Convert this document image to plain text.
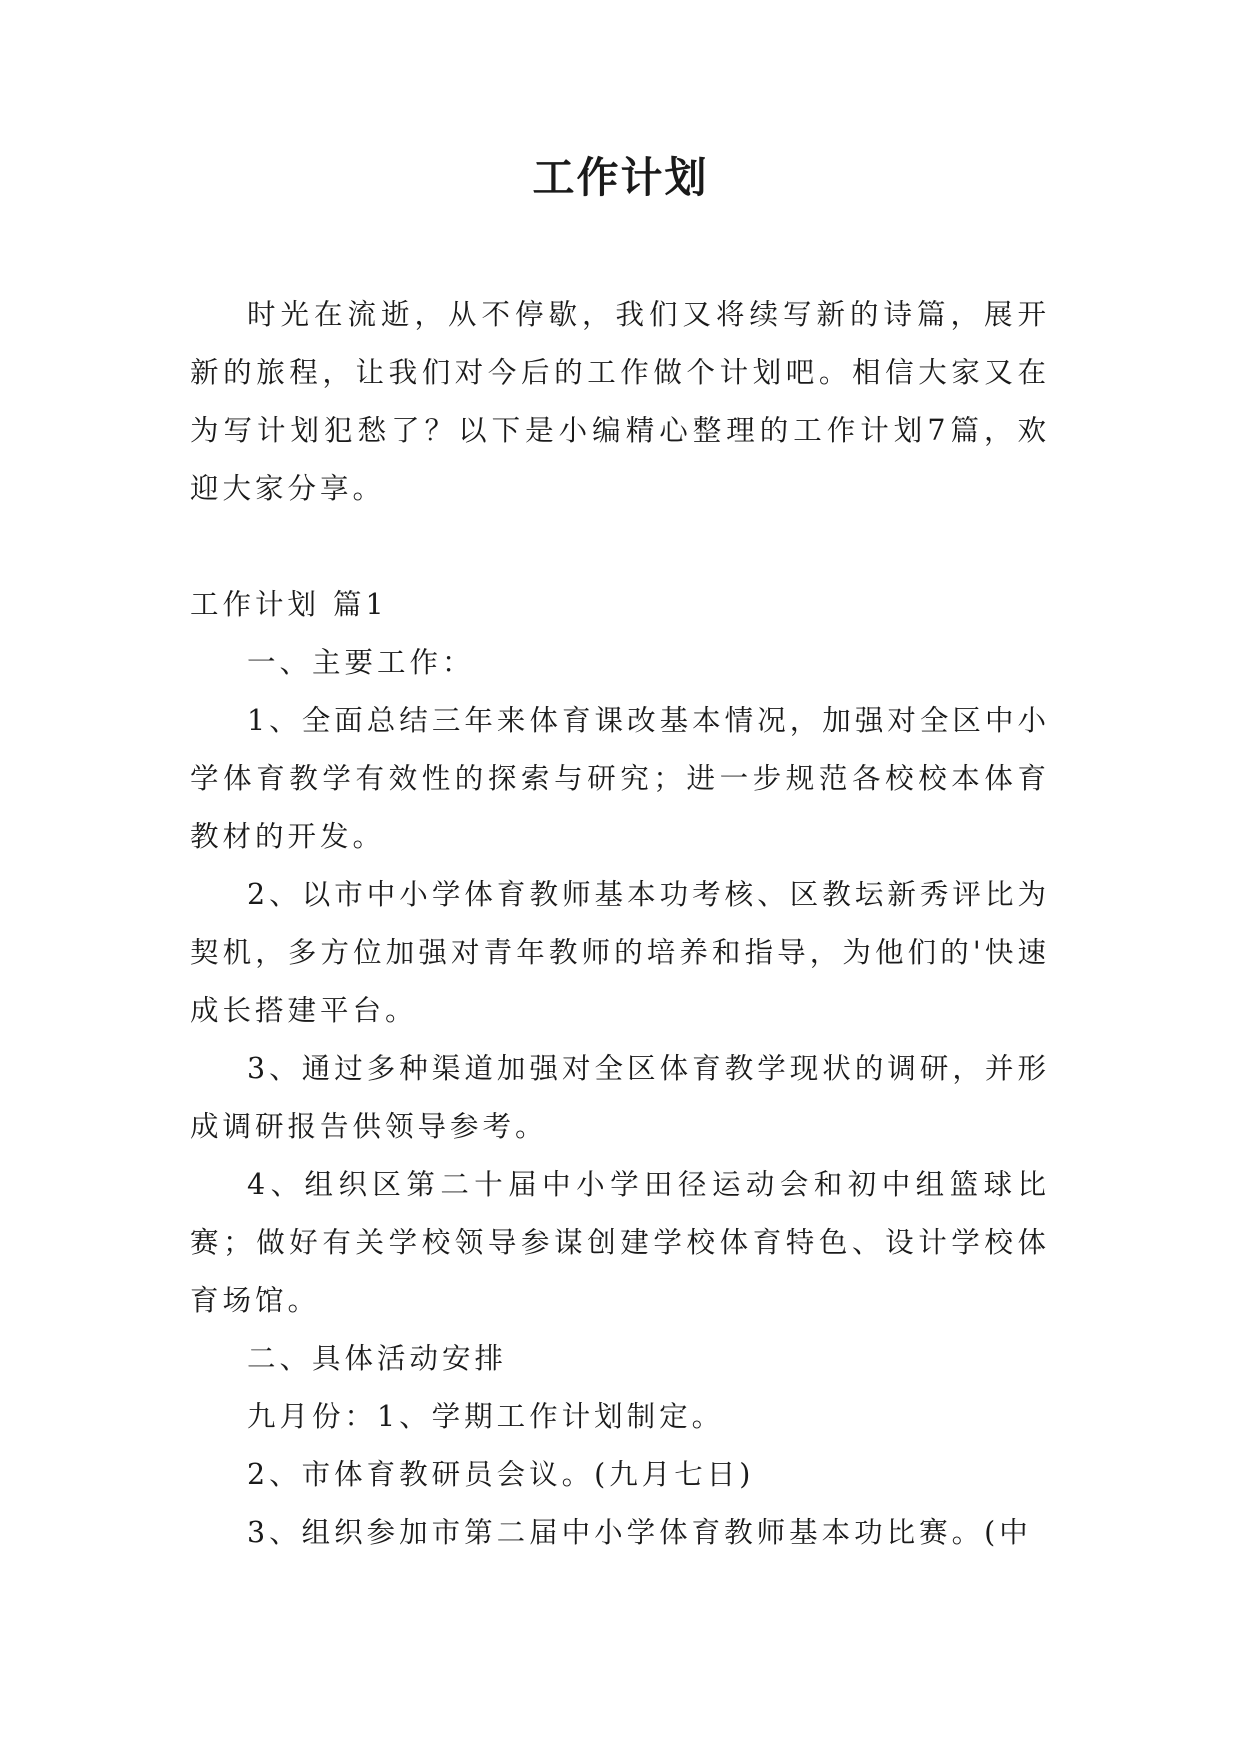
工作计划

时光在流逝，从不停歇，我们又将续写新的诗篇，展开新的旅程，让我们对今后的工作做个计划吧。相信大家又在为写计划犯愁了？以下是小编精心整理的工作计划7篇，欢迎大家分享。

工作计划 篇1

一、主要工作：

1、全面总结三年来体育课改基本情况，加强对全区中小学体育教学有效性的探索与研究；进一步规范各校校本体育教材的开发。

2、以市中小学体育教师基本功考核、区教坛新秀评比为契机，多方位加强对青年教师的培养和指导，为他们的'快速成长搭建平台。

3、通过多种渠道加强对全区体育教学现状的调研，并形成调研报告供领导参考。

4、组织区第二十届中小学田径运动会和初中组篮球比赛；做好有关学校领导参谋创建学校体育特色、设计学校体育场馆。

二、具体活动安排

九月份：1、学期工作计划制定。

2、市体育教研员会议。(九月七日)

3、组织参加市第二届中小学体育教师基本功比赛。(中
